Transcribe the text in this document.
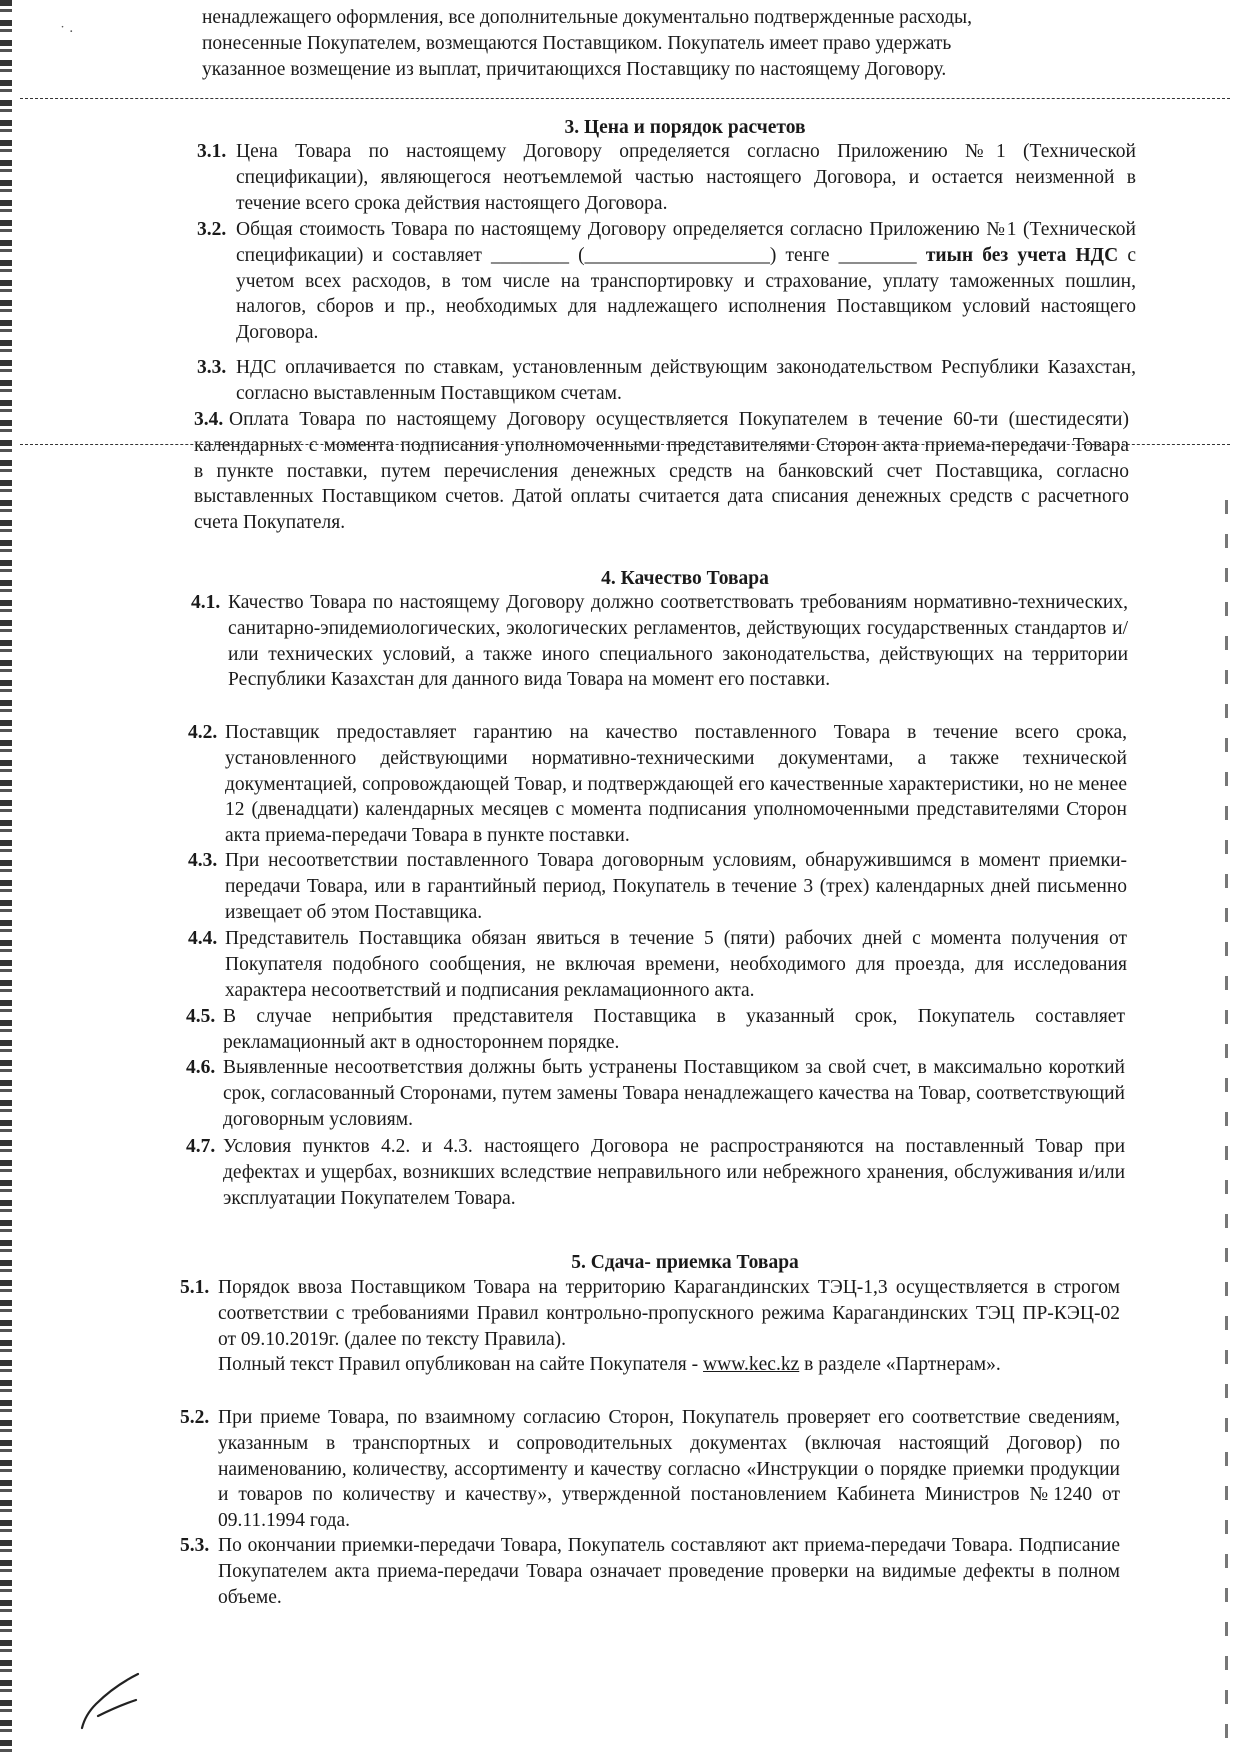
˙ ·
ненадлежащего оформления, все дополнительные документально подтвержденные расходы,
понесенные Покупателем, возмещаются Поставщиком. Покупатель имеет право удержать
указанное возмещение из выплат, причитающихся Поставщику по настоящему Договору.
3. Цена и порядок расчетов
3.1. Цена Товара по настоящему Договору определяется согласно Приложению №1 (Технической спецификации), являющегося неотъемлемой частью настоящего Договора, и остается неизменной в течение всего срока действия настоящего Договора.
3.2. Общая стоимость Товара по настоящему Договору определяется согласно Приложению №1 (Технической спецификации) и составляет ________ (___________________) тенге ________ тиын без учета НДС с учетом всех расходов, в том числе на транспортировку и страхование, уплату таможенных пошлин, налогов, сборов и пр., необходимых для надлежащего исполнения Поставщиком условий настоящего Договора.
3.3. НДС оплачивается по ставкам, установленным действующим законодательством Республики Казахстан, согласно выставленным Поставщиком счетам.
3.4. Оплата Товара по настоящему Договору осуществляется Покупателем в течение 60-ти (шестидесяти) календарных с момента подписания уполномоченными представителями Сторон акта приема-передачи Товара в пункте поставки, путем перечисления денежных средств на банковский счет Поставщика, согласно выставленных Поставщиком счетов. Датой оплаты считается дата списания денежных средств с расчетного счета Покупателя.
4. Качество Товара
4.1. Качество Товара по настоящему Договору должно соответствовать требованиям нормативно-технических, санитарно-эпидемиологических, экологических регламентов, действующих государственных стандартов и/или технических условий, а также иного специального законодательства, действующих на территории Республики Казахстан для данного вида Товара на момент его поставки.
4.2. Поставщик предоставляет гарантию на качество поставленного Товара в течение всего срока, установленного действующими нормативно-техническими документами, а также технической документацией, сопровождающей Товар, и подтверждающей его качественные характеристики, но не менее 12 (двенадцати) календарных месяцев с момента подписания уполномоченными представителями Сторон акта приема-передачи Товара в пункте поставки.
4.3. При несоответствии поставленного Товара договорным условиям, обнаружившимся в момент приемки-передачи Товара, или в гарантийный период, Покупатель в течение 3 (трех) календарных дней письменно извещает об этом Поставщика.
4.4. Представитель Поставщика обязан явиться в течение 5 (пяти) рабочих дней с момента получения от Покупателя подобного сообщения, не включая времени, необходимого для проезда, для исследования характера несоответствий и подписания рекламационного акта.
4.5. В случае неприбытия представителя Поставщика в указанный срок, Покупатель составляет рекламационный акт в одностороннем порядке.
4.6. Выявленные несоответствия должны быть устранены Поставщиком за свой счет, в максимально короткий срок, согласованный Сторонами, путем замены Товара ненадлежащего качества на Товар, соответствующий договорным условиям.
4.7. Условия пунктов 4.2. и 4.3. настоящего Договора не распространяются на поставленный Товар при дефектах и ущербах, возникших вследствие неправильного или небрежного хранения, обслуживания и/или эксплуатации Покупателем Товара.
5. Сдача- приемка Товара
5.1. Порядок ввоза Поставщиком Товара на территорию Карагандинских ТЭЦ-1,3 осуществляется в строгом соответствии с требованиями Правил контрольно-пропускного режима Карагандинских ТЭЦ ПР-КЭЦ-02 от 09.10.2019г. (далее по тексту Правила).
Полный текст Правил опубликован на сайте Покупателя - www.kec.kz в разделе «Партнерам».
5.2. При приеме Товара, по взаимному согласию Сторон, Покупатель проверяет его соответствие сведениям, указанным в транспортных и сопроводительных документах (включая настоящий Договор) по наименованию, количеству, ассортименту и качеству согласно «Инструкции о порядке приемки продукции и товаров по количеству и качеству», утвержденной постановлением Кабинета Министров №1240 от 09.11.1994 года.
5.3. По окончании приемки-передачи Товара, Покупатель составляют акт приема-передачи Товара. Подписание Покупателем акта приема-передачи Товара означает проведение проверки на видимые дефекты в полном объеме.
